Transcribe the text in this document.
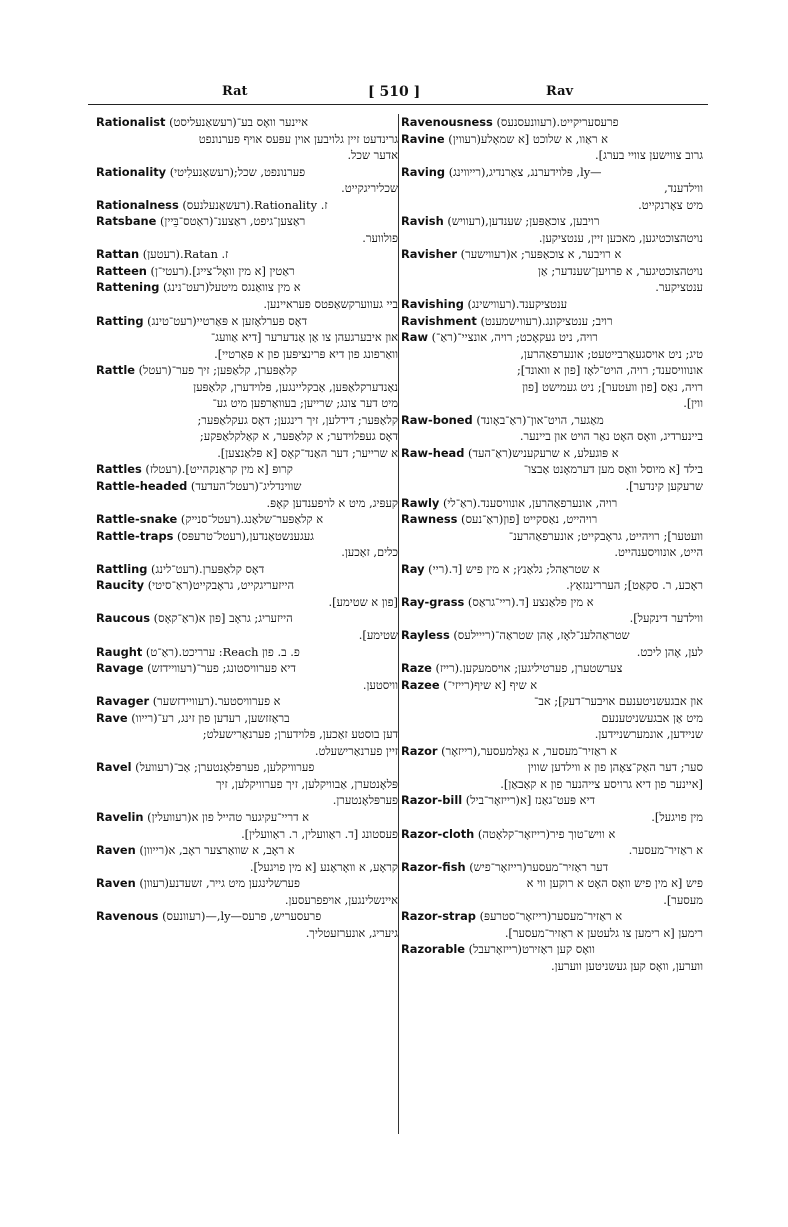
Rat	[ 510 ]	Rav
Rationalist (רעשאַנעליסט)איינער וואָס בע־
גרינדעט זיין גלויבען אוין עפּעס אויף פערנונפט
אדער שכל.
Rationality (רעשאַנעלִיטי)פערנונפט, שכל;
שכליריגקייט.
Rationalness (רעשאַנעלנעס)ז. Rationality.
Ratsbane (ראַטס־בֵּיין)ראַצען־גיפט, ראַצענ־
פולווער.
Rattan (רעטען)ז. Ratan.
Ratteen (רעטי־ן)ראַטין [א מין וואָל־צייג].
Rattening (רעט־נינג)א מין צוואַנגס מיטעל
ביי געווערקשאַפטס פעראיינען.
Ratting (רעט־טינג)דאָס פערלאָזען א פּאַרטיי
און איבערגעהן צו אַן אַנדערער [דיא אַוועג־
וואַרפונג פון דיא פּרינציפּען פון א פּאַרטיי].
Rattle (רעטל)קלאַפּערן, קלאַפּען; זיך פער־
נאַנדערקלאַפּען, אַבקליינגען, פּלוידערן, קלאַפּען
מיט דער צונג; שרייען; בעוואַרפען מיט גע־
קלאַפּער; דידלען, זיך רינגען; דאָס געקלאַפּער;
דאָס געפּלוידער; א קלאַפּער, א קאַלקלאַפּקע;
א שרייער; דער האַנד־קאָס [א פּלאַנצען].
Rattles (רעטלז)קרופּ [א מין קראַנקהייט].
Rattle-headed (רעטל־העדעד)שווינדליג־
קעפּיג, מיט א לויפענדען קאָפּ.
Rattle-snake (רעטל־סנייק)א קלאַפּער־שלאַנג.
Rattle-traps (רעטל־טרעפּס)געגענשטאַנדען,
כלים, זאַכען.
Rattling (רעט־לינג)דאָס קלאַפּערן.
Raucity (ראַ־סיטי)הייזעריגקייט, גראָבקייט
[פון א שטימע].
Raucous (ראַ־קאָס)הייזעריג; גראָב [פון א
שטימע].
Raught (ראַ־ט)פ. ב. פון Reach: ערריכט.
Ravage (רעוויידזש)דיא פערוויסטונג; פער־
וויסטען.
Ravager (רעוויידזשער)א פערוויסטער.
Rave (רייוו)בראַזזשען, רעדען פון זינג, רע־
דען בוסטע זאַכען, פּלוידערן; פערנאַרישעלט;
זיין פערנאַרישעלט.
Ravel (רעוועל)פערוויקלען, פערפּלאָנטערן; אַב־
פּלאָנטערן, אַבוויקלען, זיך פערוויקלען, זיך
פערפּלאָנטערן.
Ravelin (רעוועלין)א דריי־עקיגער טהייל פון א
פעסטונג [ד. ראַוועלין, ר. ראַוועלין].
Raven (רייוון)א ראָב, א שוואַרצער ראָב, א
קראָע, א וואָראָנע [א מין פויגעל].
Raven (רעוון)פערשלינגען מיט גייר, זשעדנע
איינשלינגען, אויפפרעסען.
Ravenous (רעוונעס)פרעסעריש, פרעס—ly,—
גיעריג, אונערזעטליך.
Ravenousness (רעוונעסנעס)פרעסעריקייט.
Ravine (רעווין)א ראַוו, א שלוכט [א שמאָלע
גרוב צווישען צוויי בערג].
Raving (רייווינג)—ly, פּלוידערנג, צאַרנדיג,
ווילדענד,
מיט צאָרנקייט.
Ravish (רעוויש)רויבען, צוכאַפּען; שענדען,
נויטהצוכטיגען, מאכען זיין, ענטציקען.
Ravisher (רעווישער)א רויבער, א צוכאַפּער; א
נויטהצוכטיגער, א פרויען־שענדער; אַן
ענטציקער.
Ravishing (רעווישינג)ענטציקענד.
Ravishment (רעווישמענט)רויב; ענטציקונג.
Raw (ראַ־)רויה, ניט געקאָכט; רויה, אונציי־
טיג; ניט אויסגעאַרבייטעט; אונערפאַהרען,
אונווויסענד; רויה, הויט־לאָז [פון א וואונד];
רויה, נאַס [פון וועטער]; ניט געמישט [פון
ווין].
Raw-boned (ראַ־באָונד)מאַגער, הויט־און־
ביינערדיג, וואָס האָט נאַר הויט און ביינער.
Raw-head (ראַ־העד)א פּוגעלע, א שרעקעניש
בילד [א מיוסל וואָס מען דערמאָנט אַבצו־
שרעקען קינדער].
Rawly (ראַ־לי)רויה, אונערפאַהרען, אונוויסענד.
Rawness (ראַ־נעס)רויהייט, נאַסקייט [פון
וועטער]; רויהייט, גראָבקייט; אונערפאַהרענ־
הייט, אונוויסענהייט.
Ray (ריי)א שטראַהל; גלאַנץ; א מין פיש [ד.
ראָכע, ר. סקאַט]; העררינגזאַץ.
Ray-grass (ריי־גראַס)א מין פלאַנצע [ד.
ווילדער דינקעל].
Rayless (רייילעס)שטראַהלענ־לאָז, אָהן שטראַה־
לען, אָהן ליכט.
Raze (רייז)צערשטערן, פערטיליגען; אויסמעקען.
Razee (רייזי־)א שיף [א שיף
און אבגעשניטענעם אויבער־דעק]; אב־
מיט אַן אבגעשניטענעם
שניידען, אונמערשניידען.
Razor (רייזאָר)א ראַזיר־מעסער, א גאָלמעסער,
סער; דער האַק־צאָהן פון א ווילדען שווין
[איינער פון דיא גרויסע צייהנער פון א קאַבאַן].
Razor-bill (רייזאָר־ביל)דיא פּעט־גאַנז [א
מין פויגעל].
Razor-cloth (רייזאָר־קלאָטה)א וויש־טוך פיר
א ראַזיר־מעסער.
Razor-fish (רייזאָר־פיש)דער ראַזיר־מעסער
פיש [א מין פיש וואָס האָט א רוקען ווי א
מעסער].
Razor-strap (רייזאָר־סטרעפּ)א ראַזיר־מעסער
רימען [א רימען צו גלעטען א ראַזיר־מעסער].
Razorable (רייזאָרעבל)וואָס קען ראַזירט
ווערען, וואָס קען געשניטען ווערען.
